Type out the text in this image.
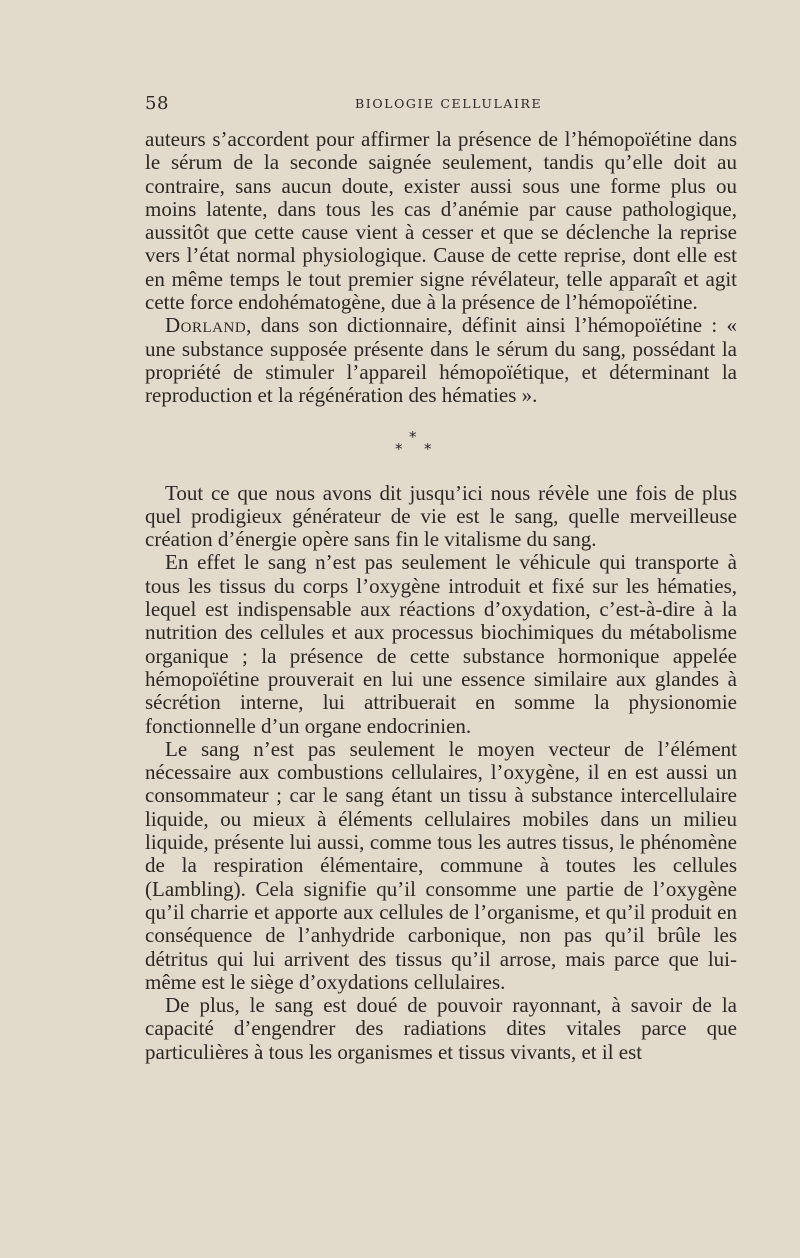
58	BIOLOGIE CELLULAIRE

auteurs s’accordent pour affirmer la présence de l’hémopoïétine dans le sérum de la seconde saignée seulement, tandis qu’elle doit au contraire, sans aucun doute, exister aussi sous une forme plus ou moins latente, dans tous les cas d’anémie par cause pathologique, aussitôt que cette cause vient à cesser et que se déclenche la reprise vers l’état normal physiologique. Cause de cette reprise, dont elle est en même temps le tout premier signe révélateur, telle apparaît et agit cette force endohématogène, due à la présence de l’hémopoïétine.

Dorland, dans son dictionnaire, définit ainsi l’hémopoïétine : « une substance supposée présente dans le sérum du sang, possédant la propriété de stimuler l’appareil hémopoïétique, et déterminant la reproduction et la régénération des hématies ».

*
* *

Tout ce que nous avons dit jusqu’ici nous révèle une fois de plus quel prodigieux générateur de vie est le sang, quelle merveilleuse création d’énergie opère sans fin le vitalisme du sang.

En effet le sang n’est pas seulement le véhicule qui transporte à tous les tissus du corps l’oxygène introduit et fixé sur les hématies, lequel est indispensable aux réactions d’oxydation, c’est-à-dire à la nutrition des cellules et aux processus biochimiques du métabolisme organique ; la présence de cette substance hormonique appelée hémopoïétine prouverait en lui une essence similaire aux glandes à sécrétion interne, lui attribuerait en somme la physionomie fonctionnelle d’un organe endocrinien.

Le sang n’est pas seulement le moyen vecteur de l’élément nécessaire aux combustions cellulaires, l’oxygène, il en est aussi un consommateur ; car le sang étant un tissu à substance intercellulaire liquide, ou mieux à éléments cellulaires mobiles dans un milieu liquide, présente lui aussi, comme tous les autres tissus, le phénomène de la respiration élémentaire, commune à toutes les cellules (Lambling). Cela signifie qu’il consomme une partie de l’oxygène qu’il charrie et apporte aux cellules de l’organisme, et qu’il produit en conséquence de l’anhydride carbonique, non pas qu’il brûle les détritus qui lui arrivent des tissus qu’il arrose, mais parce que lui-même est le siège d’oxydations cellulaires.

De plus, le sang est doué de pouvoir rayonnant, à savoir de la capacité d’engendrer des radiations dites vitales parce que particulières à tous les organismes et tissus vivants, et il est
